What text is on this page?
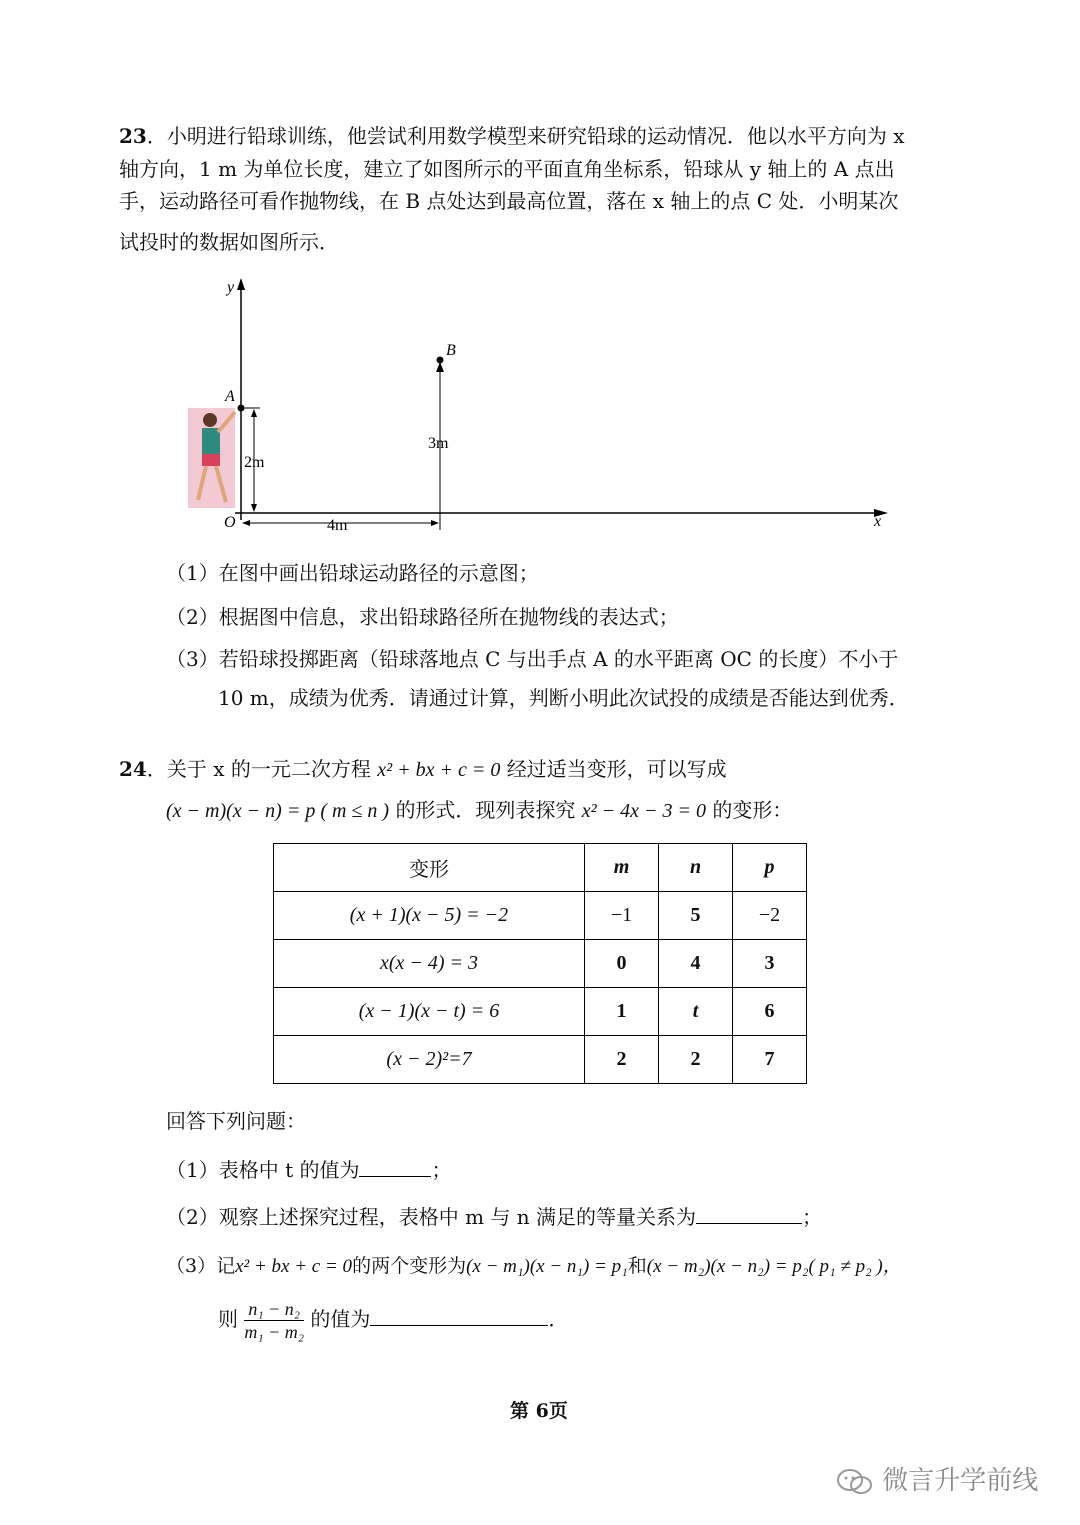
23．小明进行铅球训练，他尝试利用数学模型来研究铅球的运动情况．他以水平方向为 x
轴方向，1 m 为单位长度，建立了如图所示的平面直角坐标系，铅球从 y 轴上的 A 点出
手，运动路径可看作抛物线，在 B 点处达到最高位置，落在 x 轴上的点 C 处．小明某次
试投时的数据如图所示．
y
x
O
A
B
2m
3m
4m
（1）在图中画出铅球运动路径的示意图；
（2）根据图中信息，求出铅球路径所在抛物线的表达式；
（3）若铅球投掷距离（铅球落地点 C 与出手点 A 的水平距离 OC 的长度）不小于
10 m，成绩为优秀．请通过计算，判断小明此次试投的成绩是否能达到优秀．
24．关于 x 的一元二次方程 x² + bx + c = 0 经过适当变形，可以写成
(x − m)(x − n) = p ( m ≤ n ) 的形式．现列表探究 x² − 4x − 3 = 0 的变形：
变形	m	n	p
(x + 1)(x − 5) = −2	−1	5	−2
x(x − 4) = 3	0	4	3
(x − 1)(x − t) = 6	1	t	6
(x − 2)²=7	2	2	7
回答下列问题：
（1）表格中 t 的值为	；
（2）观察上述探究过程，表格中 m 与 n 满足的等量关系为	；
（3）记x² + bx + c = 0的两个变形为(x − m₁)(x − n₁) = p₁和(x − m₂)(x − n₂) = p₂( p₁ ≠ p₂ )，
则 $\frac{\text{n₁ − n₂}}{\text{m₁ − m₂}}$ 的值为	．
第 6页
微言升学前线
